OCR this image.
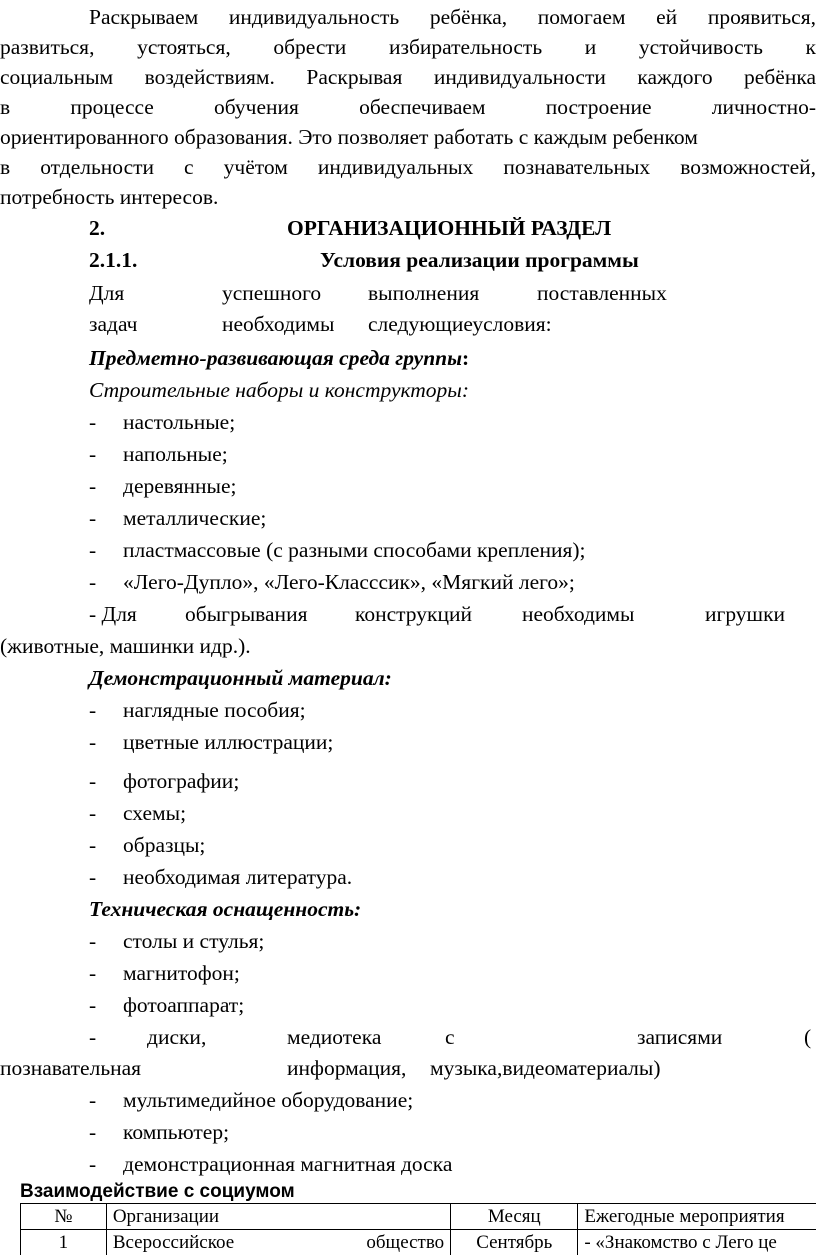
Раскрываем индивидуальность ребёнка, помогаем ей проявиться,
развиться, устояться, обрести избирательность и устойчивость к
социальным воздействиям. Раскрывая индивидуальности каждого ребёнка
в процессе обучения обеспечиваем построение личностно-
ориентированного образования. Это позволяет работать с каждым ребенком
в отдельности с учётом индивидуальных познавательных возможностей,
потребность интересов.
2.	ОРГАНИЗАЦИОННЫЙ РАЗДЕЛ
2.1.1.	Условия реализации программы
Для	успешного выполнения	поставленных
задач	необходимы следующиеусловия:
Предметно-развивающая среда группы:
Строительные наборы и конструкторы:
- настольные;
- напольные;
- деревянные;
- металлические;
- пластмассовые (с разными способами крепления);
- «Лего-Дупло», «Лего-Класссик», «Мягкий лего»;
- Для обыгрывания конструкций необходимы	игрушки
(животные, машинки идр.).
Демонстрационный материал:
- наглядные пособия;
- цветные иллюстрации;
- фотографии;
- схемы;
- образцы;
- необходимая литература.
Техническая оснащенность:
- столы и стулья;
- магнитофон;
- фотоаппарат;
- диски,	медиотека	с	записями	(
познавательная	информация, музыка,видеоматериалы)
- мультимедийное оборудование;
- компьютер;
- демонстрационная магнитная доска
Взаимодействие с социумом
№	Организации	Месяц	Ежегодные мероприятия
1	Всероссийское общество	Сентябрь	- «Знакомство с Лего це
